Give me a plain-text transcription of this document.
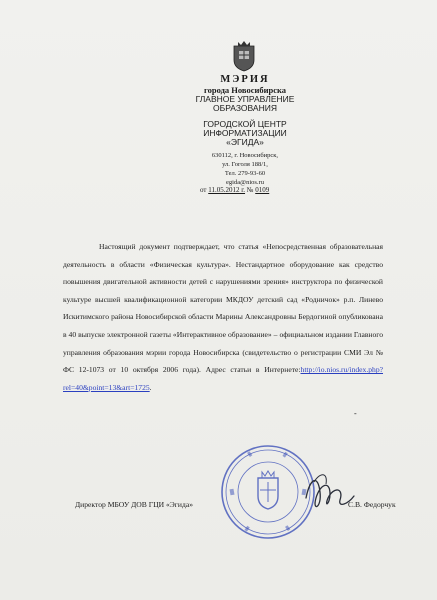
МЭРИЯ
города Новосибирска
ГЛАВНОЕ УПРАВЛЕНИЕ
ОБРАЗОВАНИЯ
ГОРОДСКОЙ ЦЕНТР
ИНФОРМАТИЗАЦИИ
«ЭГИДА»
630112, г. Новосибирск,
ул. Гоголя 188/1,
Тел. 279-93-60
egida@nios.ru
от 11.05.2012 г. № 0109
Настоящий документ подтверждает, что статья «Непосредственная образовательная деятельность в области «Физическая культура». Нестандартное оборудование как средство повышения двигательной активности детей с нарушениями зрения» инструктора по физической культуре высшей квалификационной категории МКДОУ детский сад «Родничок» р.п. Линево Искитимского района Новосибирской области Марины Александровны Бердогиной опубликована в 40 выпуске электронной газеты «Интерактивное образование» – официальном издании Главного управления образования мэрии города Новосибирска (свидетельство о регистрации СМИ Эл № ФС 12-1073 от 10 октября 2006 года). Адрес статьи в Интернете:http://io.nios.ru/index.php?rel=40&point=13&art=1725.
-
Директор МБОУ ДОВ ГЦИ «Эгида»	С.В. Федорчук
